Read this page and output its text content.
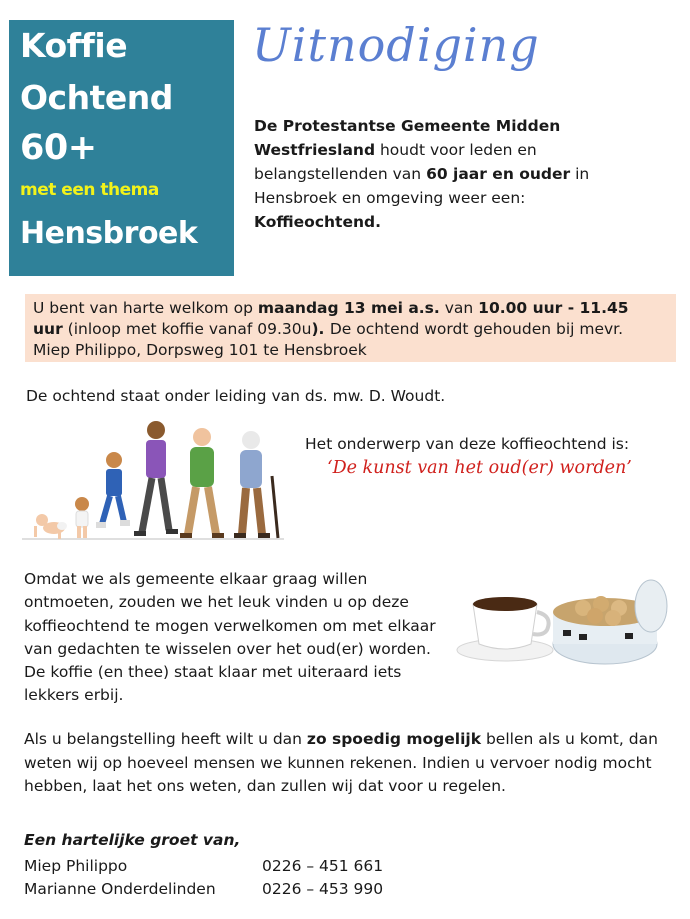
Koffie
Ochtend
60+
met een thema
Hensbroek
Uitnodiging
De Protestantse Gemeente Midden Westfriesland houdt voor leden en belangstellenden van 60 jaar en ouder in Hensbroek en omgeving weer een: Koffieochtend.
U bent van harte welkom op maandag 13 mei a.s. van 10.00 uur - 11.45 uur (inloop met koffie vanaf 09.30u). De ochtend wordt gehouden bij mevr. Miep Philippo, Dorpsweg 101 te Hensbroek
De ochtend staat onder leiding van ds. mw. D. Woudt.
Het onderwerp van deze koffieochtend is:
‘De kunst van het oud(er) worden’
Omdat we als gemeente elkaar graag willen ontmoeten, zouden we het leuk vinden u op deze koffieochtend te mogen verwelkomen om met elkaar van gedachten te wisselen over het oud(er) worden. De koffie (en thee) staat klaar met uiteraard iets lekkers erbij.
Als u belangstelling heeft wilt u dan zo spoedig mogelijk bellen als u komt, dan weten wij op hoeveel mensen we kunnen rekenen. Indien u vervoer nodig mocht hebben, laat het ons weten, dan zullen wij dat voor u regelen.
Een hartelijke groet van,
Miep Philippo	0226 – 451 661
Marianne Onderdelinden	0226 – 453 990
